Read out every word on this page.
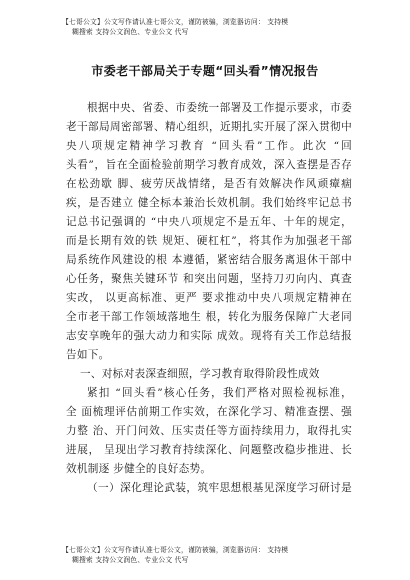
【七哥公文】公文写作请认准七哥公文，谨防被骗，浏览器访问： 支持模
糊搜索 支持公文润色、专业公文 代写
市委老干部局关于专题“回头看”情况报告
根据中央、省委、市委统一部署及工作提示要求，市委
老干部局周密部署、精心组织，近期扎实开展了深入贯彻中
央八项规定精神学习教育 “回头看”工作。此次 “回
头看”，旨在全面检验前期学习教育成效，深入查摆是否存
在松劲歇 脚、疲劳厌战情绪，是否有效解决作风顽瘴痼
疾，是否建立 健全标本兼治长效机制。我们始终牢记总书
记总书记强调的 “中央八项规定不是五年、十年的规定，
而是长期有效的铁 规矩、硬杠杠”，将其作为加强老干部
局系统作风建设的根 本遵循，紧密结合服务离退休干部中
心任务，聚焦关键环节 和突出问题，坚持刀刃向内、真查
实改， 以更高标准、更严 要求推动中央八项规定精神在
全市老干部工作领域落地生 根，转化为服务保障广大老同
志安享晚年的强大动力和实际 成效。现将有关工作总结报
告如下。
一、对标对表深查细照，学习教育取得阶段性成效
紧扣 “回头看”核心任务，我们严格对照检视标准，
全 面梳理评估前期工作实效，在深化学习、精准查摆、强
力整 治、开门问效、压实责任等方面持续用力，取得扎实
进展， 呈现出学习教育持续深化、问题整改稳步推进、长
效机制逐 步健全的良好态势。
（一）深化理论武装，筑牢思想根基见深度学习研讨是
【七哥公文】公文写作请认准七哥公文，谨防被骗，浏览器访问： 支持模
糊搜索 支持公文润色、专业公文 代写
